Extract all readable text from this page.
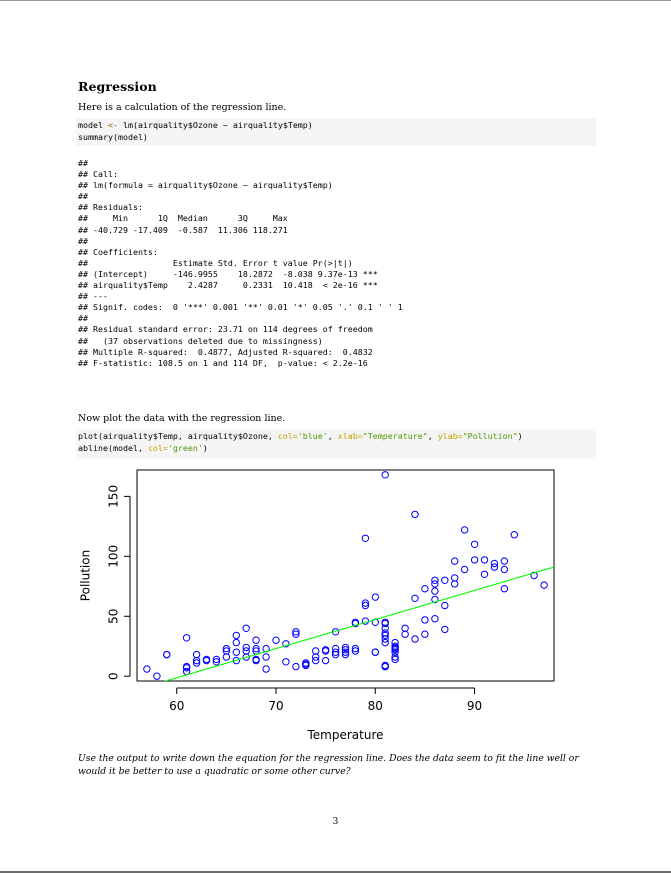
Regression

Here is a calculation of the regression line.

model <- lm(airquality$Ozone ~ airquality$Temp)
summary(model)
##
## Call:
## lm(formula = airquality$Ozone ~ airquality$Temp)
##
## Residuals:
##     Min      1Q  Median      3Q     Max
## -40.729 -17.409  -0.587  11.306 118.271
##
## Coefficients:
##                 Estimate Std. Error t value Pr(>|t|)
## (Intercept)     -146.9955    18.2872  -8.038 9.37e-13 ***
## airquality$Temp    2.4287     0.2331  10.418  < 2e-16 ***
## ---
## Signif. codes:  0 '***' 0.001 '**' 0.01 '*' 0.05 '.' 0.1 ' ' 1
##
## Residual standard error: 23.71 on 114 degrees of freedom
##   (37 observations deleted due to missingness)
## Multiple R-squared:  0.4877, Adjusted R-squared:  0.4832
## F-statistic: 108.5 on 1 and 114 DF,  p-value: < 2.2e-16

Now plot the data with the regression line.

plot(airquality$Temp, airquality$Ozone, col='blue', xlab="Temperature", ylab="Pollution")
abline(model, col='green')
60	70	80	90
0
50
100
150
Temperature
Pollution

Use the output to write down the equation for the regression line. Does the data seem to fit the line well or would it be better to use a quadratic or some other curve?

3
